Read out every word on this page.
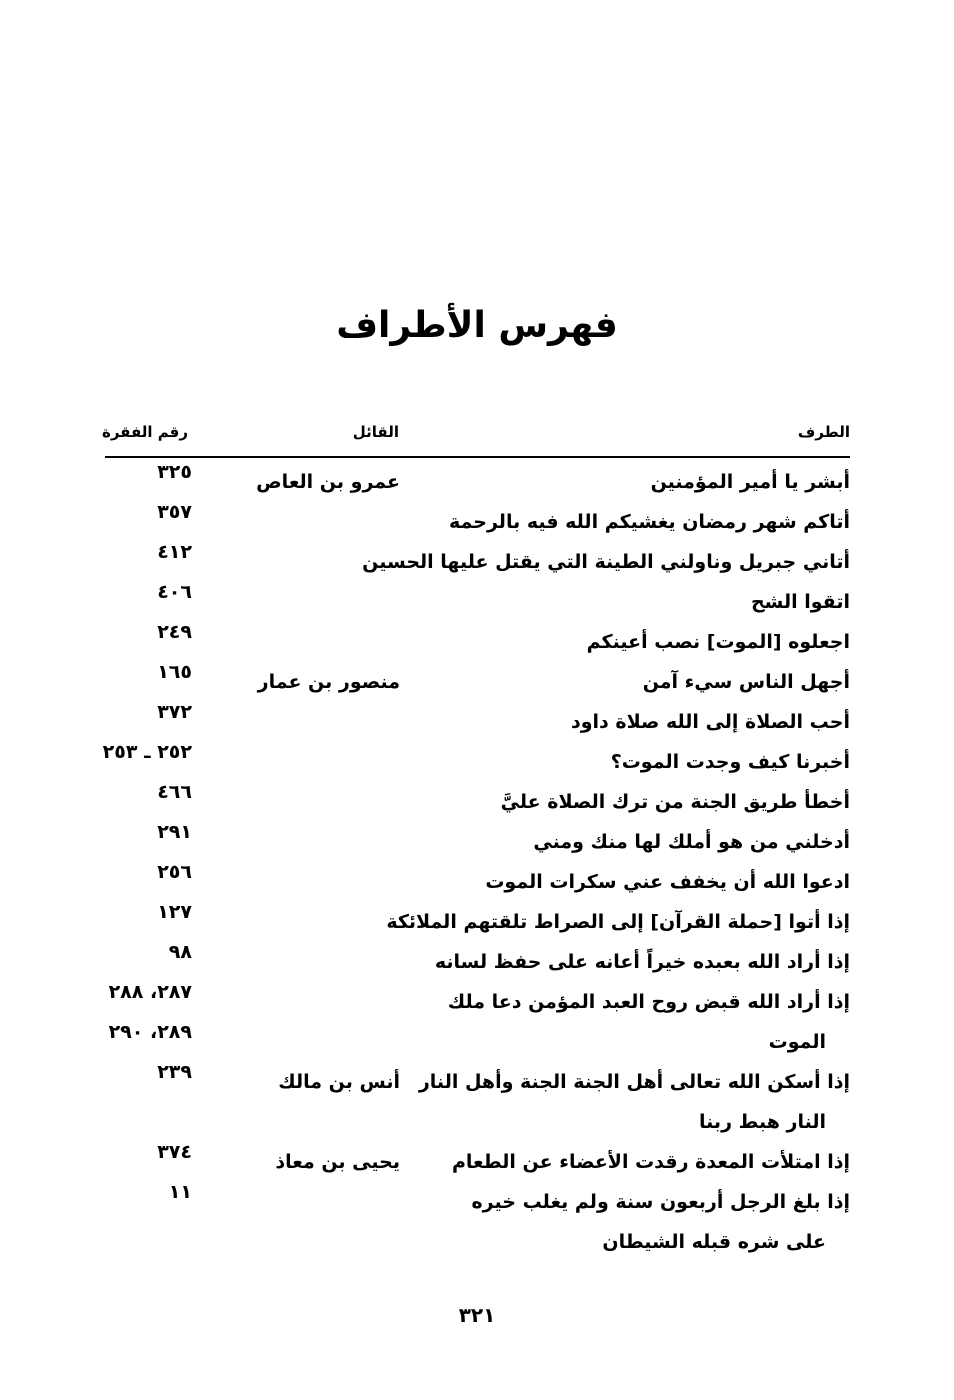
فهرس الأطراف
الطرف
القائل
رقم الفقرة
أبشر يا أمير المؤمنين
عمرو بن العاص
٣٢٥
أتاكم شهر رمضان يغشيكم الله فيه بالرحمة
٣٥٧
أتاني جبريل وناولني الطينة التي يقتل عليها الحسين
٤١٢
اتقوا الشح
٤٠٦
اجعلوه [الموت] نصب أعينكم
٢٤٩
أجهل الناس سيء آمن
منصور بن عمار
١٦٥
أحب الصلاة إلى الله صلاة داود
٣٧٢
أخبرنا كيف وجدت الموت؟
٢٥٢ ـ ٢٥٣
أخطأ طريق الجنة من ترك الصلاة عليَّ
٤٦٦
أدخلني من هو أملك لها منك ومني
٢٩١
ادعوا الله أن يخفف عني سكرات الموت
٢٥٦
إذا أتوا [حملة القرآن] إلى الصراط تلقتهم الملائكة
١٢٧
إذا أراد الله بعبده خيراً أعانه على حفظ لسانه
٩٨
إذا أراد الله قبض روح العبد المؤمن دعا ملك
الموت
٢٨٧، ٢٨٨
٢٨٩، ٢٩٠
إذا أسكن الله تعالى أهل الجنة الجنة وأهل النار
النار هبط ربنا
أنس بن مالك
٢٣٩
إذا امتلأت المعدة رقدت الأعضاء عن الطعام
يحيى بن معاذ
٣٧٤
إذا بلغ الرجل أربعون سنة ولم يغلب خيره
على شره قبله الشيطان
١١
٣٢١
